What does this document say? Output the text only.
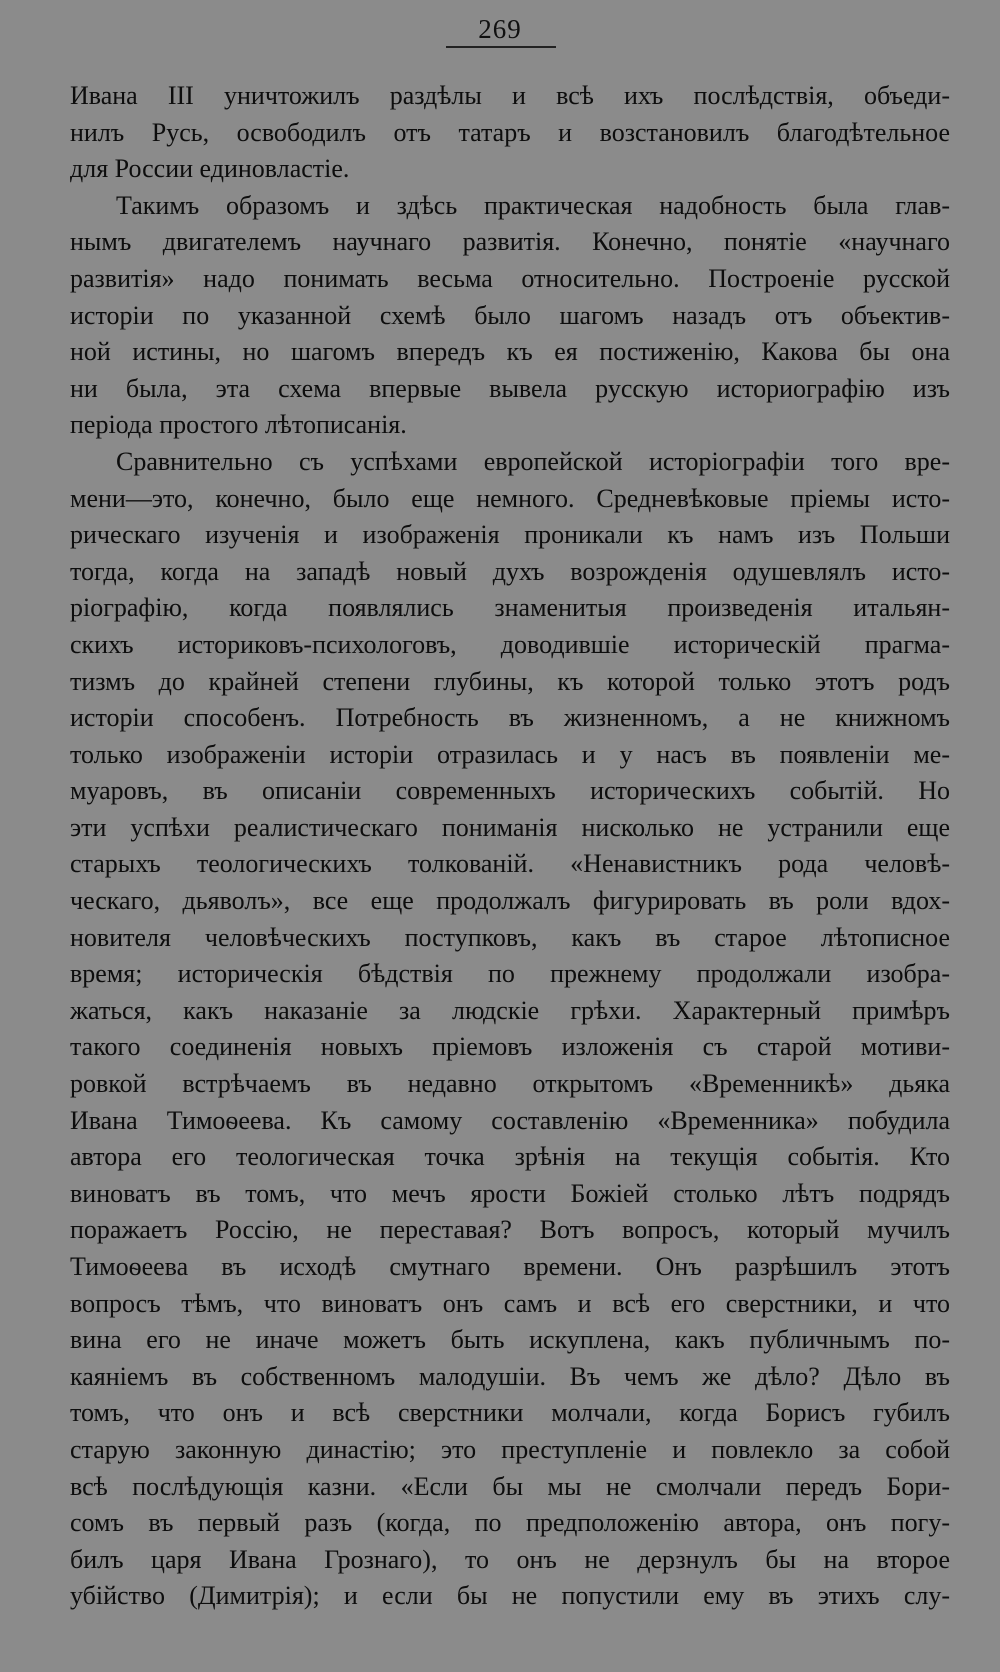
269
Ивана III уничтожилъ раздѣлы и всѣ ихъ послѣдствія, объеди-
нилъ Русь, освободилъ отъ татаръ и возстановилъ благодѣтельное
для России единовластіе.
Такимъ образомъ и здѣсь практическая надобность была глав-
нымъ двигателемъ научнаго развитія. Конечно, понятіе «научнаго
развитія» надо понимать весьма относительно. Построеніе русской
исторіи по указанной схемѣ было шагомъ назадъ отъ объектив-
ной истины, но шагомъ впередъ къ ея постиженію, Какова бы она
ни была, эта схема впервые вывела русскую историографію изъ
періода простого лѣтописанія.
Сравнительно съ успѣхами европейской исторіографіи того вре-
мени—это, конечно, было еще немного. Средневѣковые пріемы исто-
рическаго изученія и изображенія проникали къ намъ изъ Польши
тогда, когда на западѣ новый духъ возрожденія одушевлялъ исто-
ріографію, когда появлялись знаменитыя произведенія итальян-
скихъ историковъ-психологовъ, доводившіе историческій прагма-
тизмъ до крайней степени глубины, къ которой только этотъ родъ
исторіи способенъ. Потребность въ жизненномъ, а не книжномъ
только изображеніи исторіи отразилась и у насъ въ появленіи ме-
муаровъ, въ описаніи современныхъ историческихъ событій. Но
эти успѣхи реалистическаго пониманія нисколько не устранили еще
старыхъ теологическихъ толкованій. «Ненавистникъ рода человѣ-
ческаго, дьяволъ», все еще продолжалъ фигурировать въ роли вдох-
новителя человѣческихъ поступковъ, какъ въ старое лѣтописное
время; историческія бѣдствія по прежнему продолжали изобра-
жаться, какъ наказаніе за людскіе грѣхи. Характерный примѣръ
такого соединенія новыхъ пріемовъ изложенія съ старой мотиви-
ровкой встрѣчаемъ въ недавно открытомъ «Временникѣ» дьяка
Ивана Тимоѳеева. Къ самому составленію «Временника» побудила
автора его теологическая точка зрѣнія на текущія событія. Кто
виноватъ въ томъ, что мечъ ярости Божіей столько лѣтъ подрядъ
поражаетъ Россію, не переставая? Вотъ вопросъ, который мучилъ
Тимоѳеева въ исходѣ смутнаго времени. Онъ разрѣшилъ этотъ
вопросъ тѣмъ, что виноватъ онъ самъ и всѣ его сверстники, и что
вина его не иначе можетъ быть искуплена, какъ публичнымъ по-
каяніемъ въ собственномъ малодушіи. Въ чемъ же дѣло? Дѣло въ
томъ, что онъ и всѣ сверстники молчали, когда Борисъ губилъ
старую законную династію; это преступленіе и повлекло за собой
всѣ послѣдующія казни. «Если бы мы не смолчали передъ Бори-
сомъ въ первый разъ (когда, по предположенію автора, онъ погу-
билъ царя Ивана Грознаго), то онъ не дерзнулъ бы на второе
убійство (Димитрія); и если бы не попустили ему въ этихъ слу-
